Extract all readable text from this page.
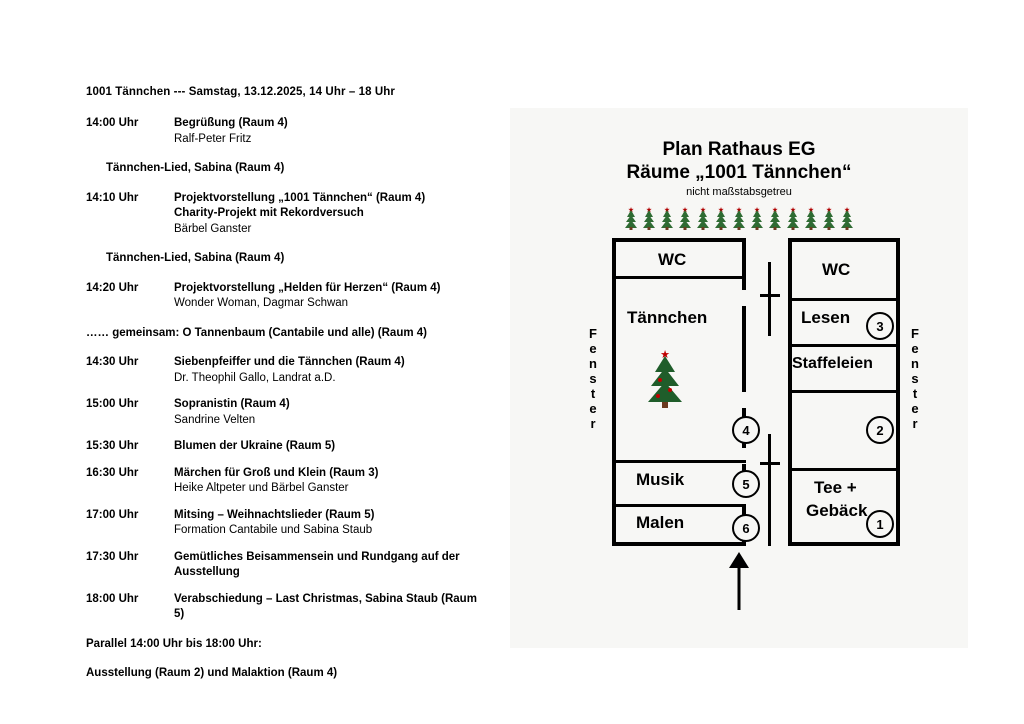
1001 Tännchen --- Samstag, 13.12.2025, 14 Uhr – 18 Uhr
14:00 Uhr	Begrüßung (Raum 4)
Ralf-Peter Fritz
Tännchen-Lied, Sabina (Raum 4)
14:10 Uhr	Projektvorstellung „1001 Tännchen“ (Raum 4)
Charity-Projekt mit Rekordversuch
Bärbel Ganster
Tännchen-Lied, Sabina (Raum 4)
14:20 Uhr	Projektvorstellung „Helden für Herzen“ (Raum 4)
Wonder Woman, Dagmar Schwan
…… gemeinsam: O Tannenbaum (Cantabile und alle) (Raum 4)
14:30 Uhr	Siebenpfeiffer und die Tännchen (Raum 4)
Dr. Theophil Gallo, Landrat a.D.
15:00 Uhr	Sopranistin (Raum 4)
Sandrine Velten
15:30 Uhr	Blumen der Ukraine (Raum 5)
16:30 Uhr	Märchen für Groß und Klein (Raum 3)
Heike Altpeter und Bärbel Ganster
17:00 Uhr	Mitsing – Weihnachtslieder (Raum 5)
Formation Cantabile und Sabina Staub
17:30 Uhr	Gemütliches Beisammensein und Rundgang auf der
Ausstellung
18:00 Uhr	Verabschiedung – Last Christmas, Sabina Staub (Raum 5)
Parallel 14:00 Uhr bis 18:00 Uhr:
Ausstellung (Raum 2) und Malaktion (Raum 4)
Plan Rathaus EG
Räume „1001 Tännchen“
nicht maßstabsgetreu
★ ★ ★ ★ ★ ★ ★ ★ ★ ★ ★ ★ ★
WC
Tännchen
Musik
Malen
WC
Lesen
Staffeleien
Tee +
Gebäck
F
e
n
s
t
e
r
F
e
n
s
t
e
r
3
2
1
4
5
6
★
